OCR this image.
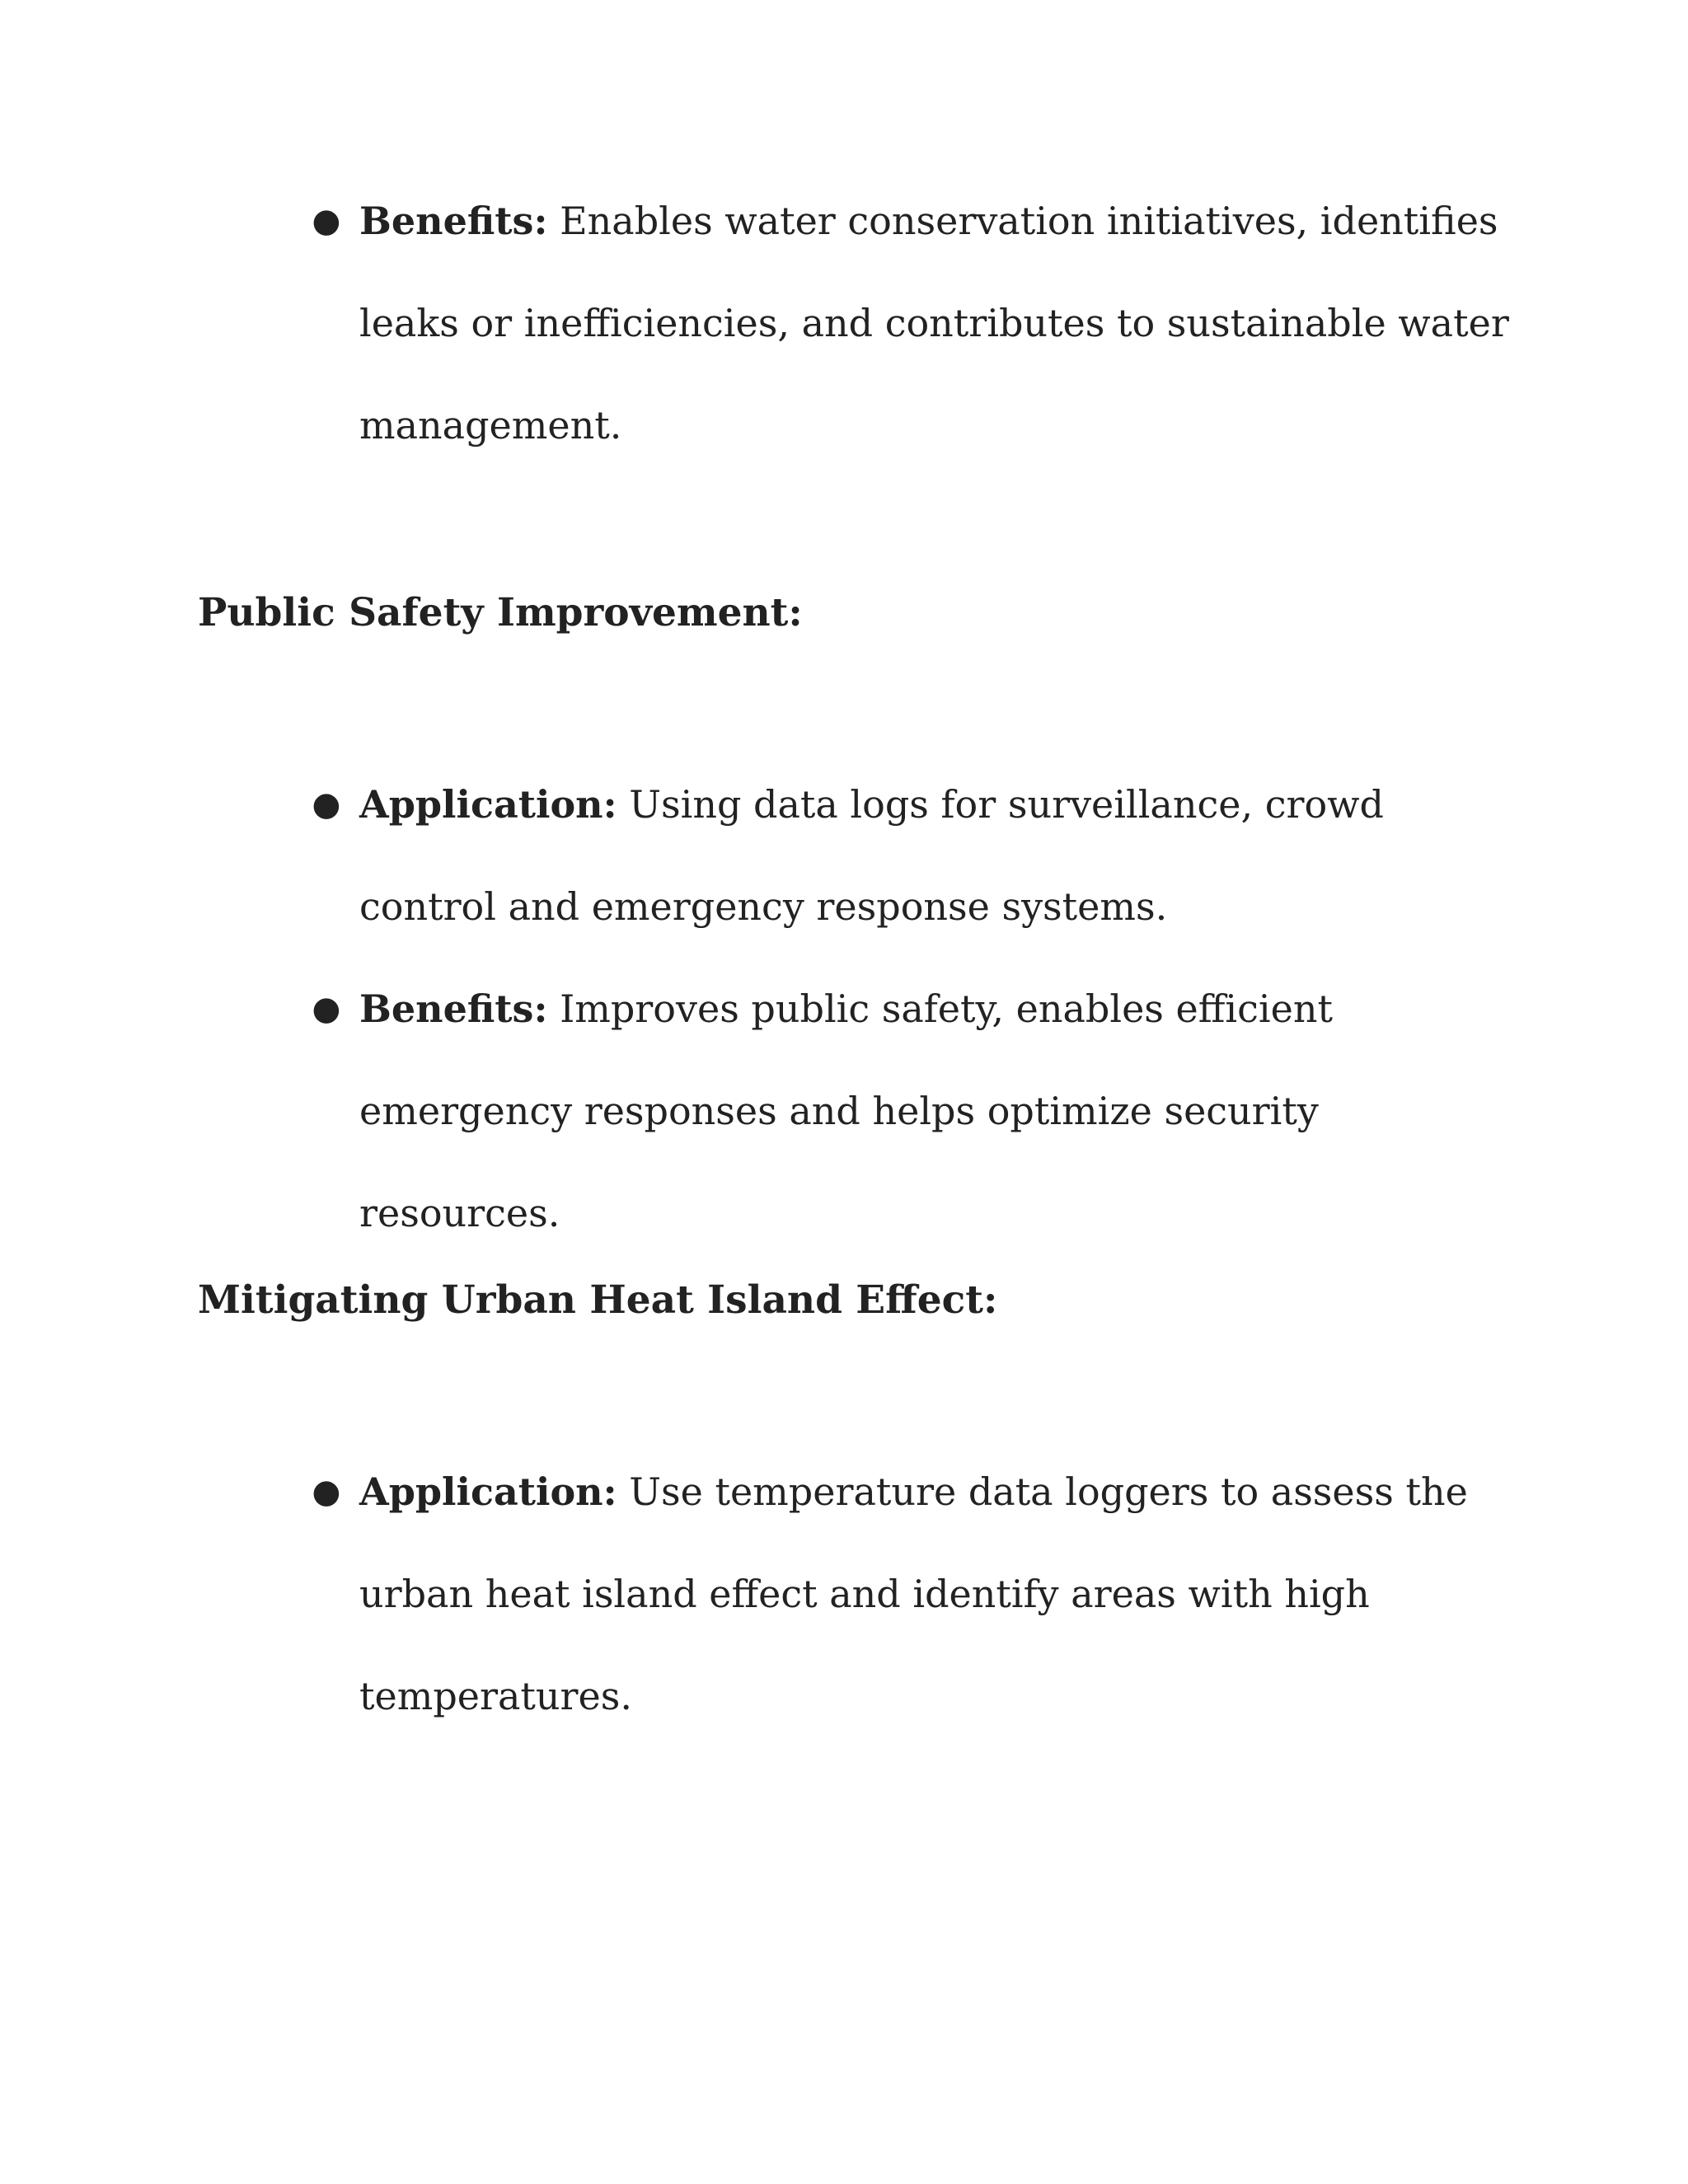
● Benefits: Enables water conservation initiatives, identifies leaks or inefficiencies, and contributes to sustainable water management.
Public Safety Improvement:
● Application: Using data logs for surveillance, crowd control and emergency response systems.
● Benefits: Improves public safety, enables efficient emergency responses and helps optimize security resources.
Mitigating Urban Heat Island Effect:
● Application: Use temperature data loggers to assess the urban heat island effect and identify areas with high temperatures.
